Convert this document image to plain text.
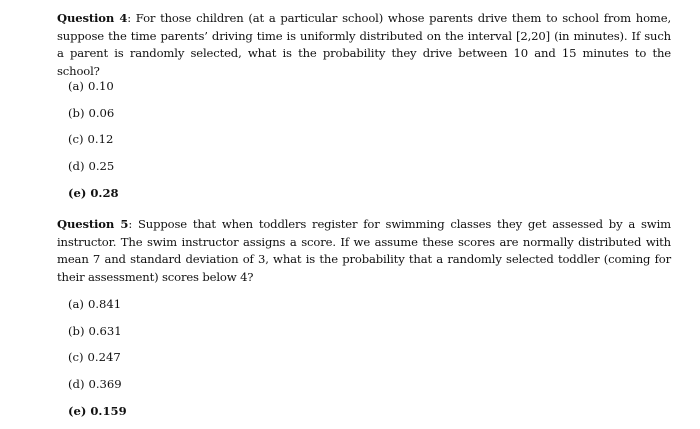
Question 4: For those children (at a particular school) whose parents drive them to school from home, suppose the time parents’ driving time is uniformly distributed on the interval [2,20] (in minutes). If such a parent is randomly selected, what is the probability they drive between 10 and 15 minutes to the school?

(a) 0.10
(b) 0.06
(c) 0.12
(d) 0.25
(e) 0.28

Question 5: Suppose that when toddlers register for swimming classes they get assessed by a swim instructor. The swim instructor assigns a score. If we assume these scores are normally distributed with mean 7 and standard deviation of 3, what is the probability that a randomly selected toddler (coming for their assessment) scores below 4?

(a) 0.841
(b) 0.631
(c) 0.247
(d) 0.369
(e) 0.159
